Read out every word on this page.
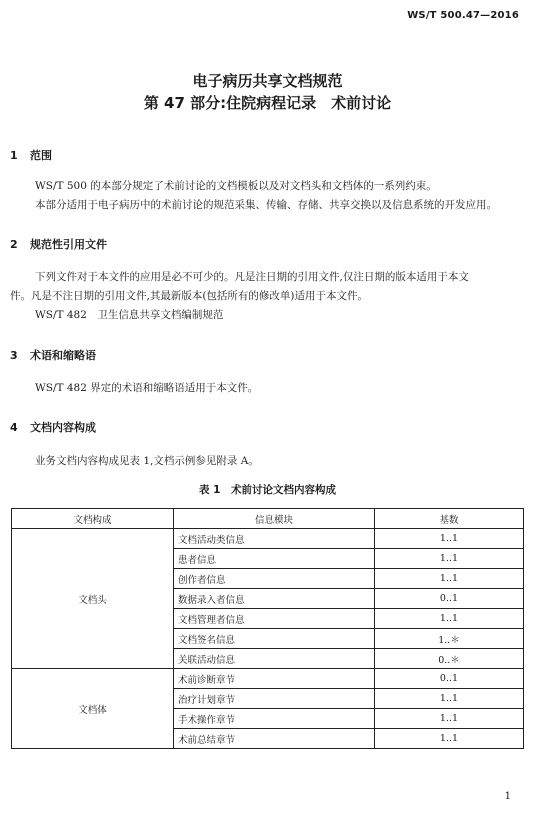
WS/T 500.47—2016
电子病历共享文档规范
第 47 部分:住院病程记录　术前讨论
1 范围
WS/T 500 的本部分规定了术前讨论的文档模板以及对文档头和文档体的一系列约束。
本部分适用于电子病历中的术前讨论的规范采集、传输、存储、共享交换以及信息系统的开发应用。
2 规范性引用文件
下列文件对于本文件的应用是必不可少的。凡是注日期的引用文件,仅注日期的版本适用于本文
件。凡是不注日期的引用文件,其最新版本(包括所有的修改单)适用于本文件。
WS/T 482　卫生信息共享文档编制规范
3 术语和缩略语
WS/T 482 界定的术语和缩略语适用于本文件。
4 文档内容构成
业务文档内容构成见表 1,文档示例参见附录 A。
表 1　术前讨论文档内容构成
文档构成	信息模块	基数
文档头	文档活动类信息	1..1
	患者信息	1..1
	创作者信息	1..1
	数据录入者信息	0..1
	文档管理者信息	1..1
	文档签名信息	1..＊
	关联活动信息	0..＊
文档体	术前诊断章节	0..1
	治疗计划章节	1..1
	手术操作章节	1..1
	术前总结章节	1..1
1
